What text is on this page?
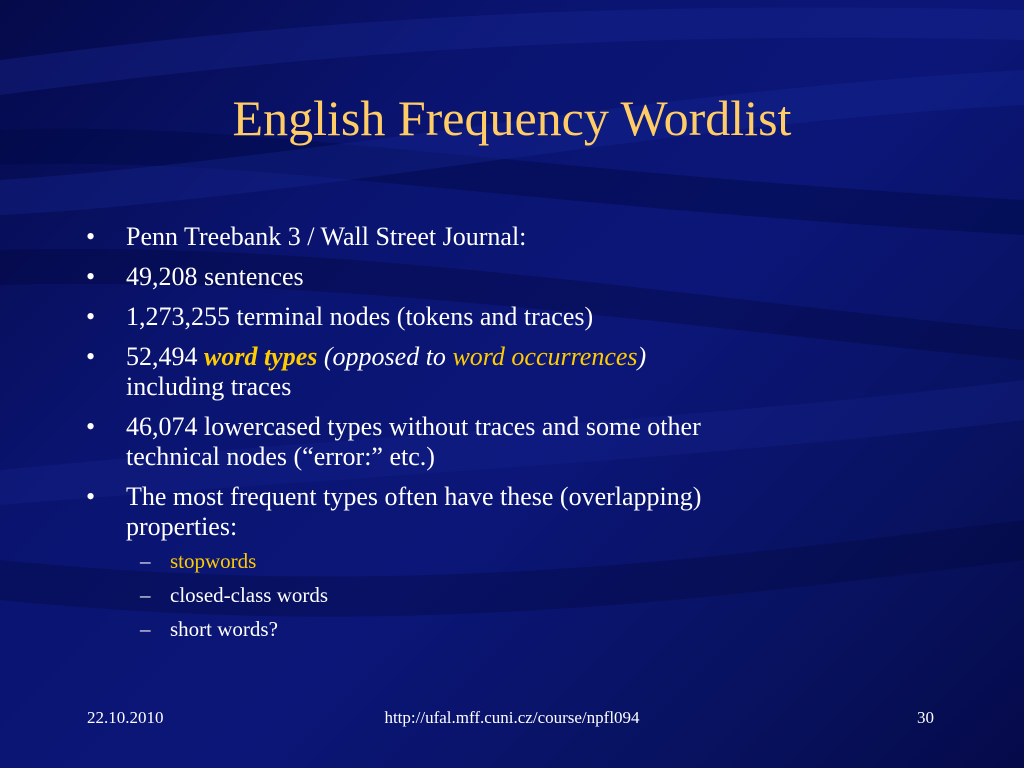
English Frequency Wordlist
• Penn Treebank 3 / Wall Street Journal:
• 49,208 sentences
• 1,273,255 terminal nodes (tokens and traces)
• 52,494 word types (opposed to word occurrences)
including traces
• 46,074 lowercased types without traces and some other
technical nodes (“error:” etc.)
• The most frequent types often have these (overlapping)
properties:
– stopwords
– closed-class words
– short words?
22.10.2010	http://ufal.mff.cuni.cz/course/npfl094	30
